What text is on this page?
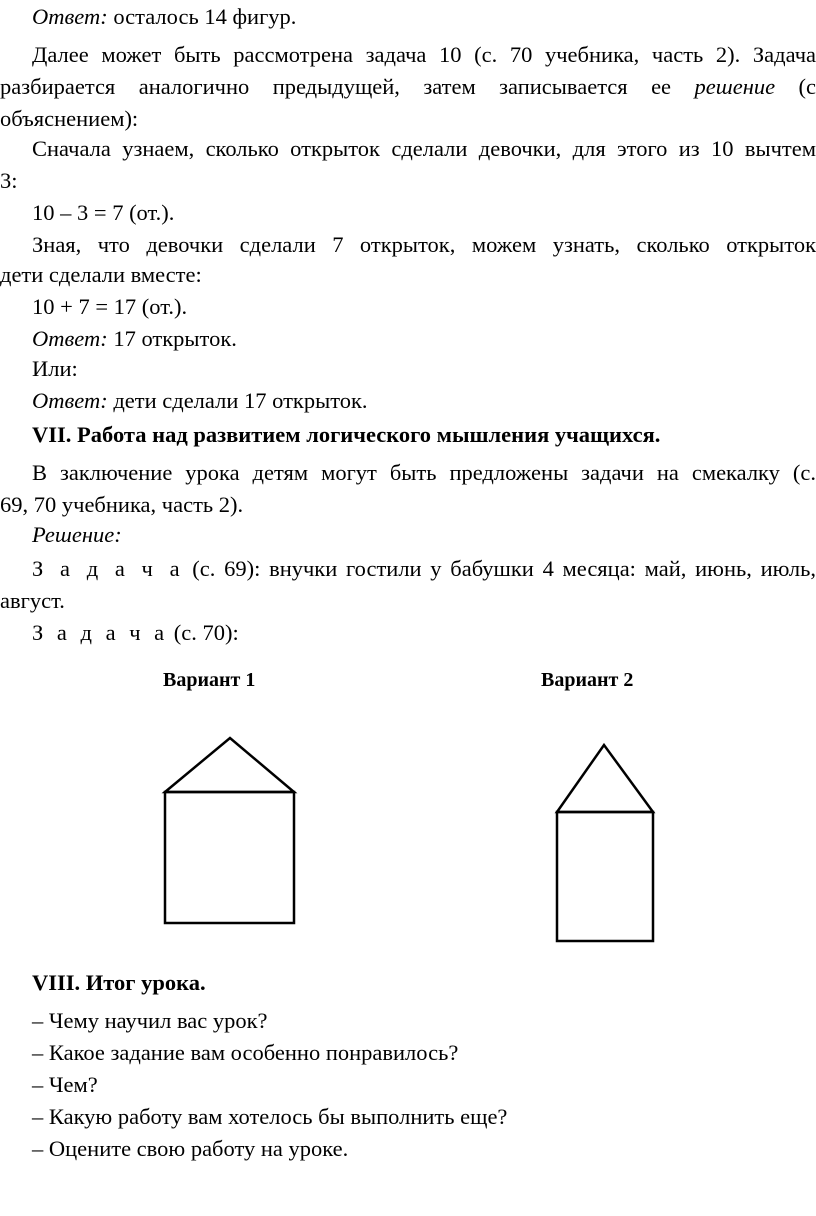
Ответ: осталось 14 фигур.
Далее может быть рассмотрена задача 10 (с. 70 учебника, часть 2). Задача
разбирается аналогично предыдущей, затем записывается ее решение (с
объяснением):
Сначала узнаем, сколько открыток сделали девочки, для этого из 10 вычтем
3:
10 – 3 = 7 (от.).
Зная, что девочки сделали 7 открыток, можем узнать, сколько открыток
дети сделали вместе:
10 + 7 = 17 (от.).
Ответ: 17 открыток.
Или:
Ответ: дети сделали 17 открыток.
VII. Работа над развитием логического мышления учащихся.
В заключение урока детям могут быть предложены задачи на смекалку (с.
69, 70 учебника, часть 2).
Решение:
З а д а ч а (с. 69): внучки гостили у бабушки 4 месяца: май, июнь, июль,
август.
З а д а ч а (с. 70):
Вариант 1	Вариант 2
VIII. Итог урока.
– Чему научил вас урок?
– Какое задание вам особенно понравилось?
– Чем?
– Какую работу вам хотелось бы выполнить еще?
– Оцените свою работу на уроке.
